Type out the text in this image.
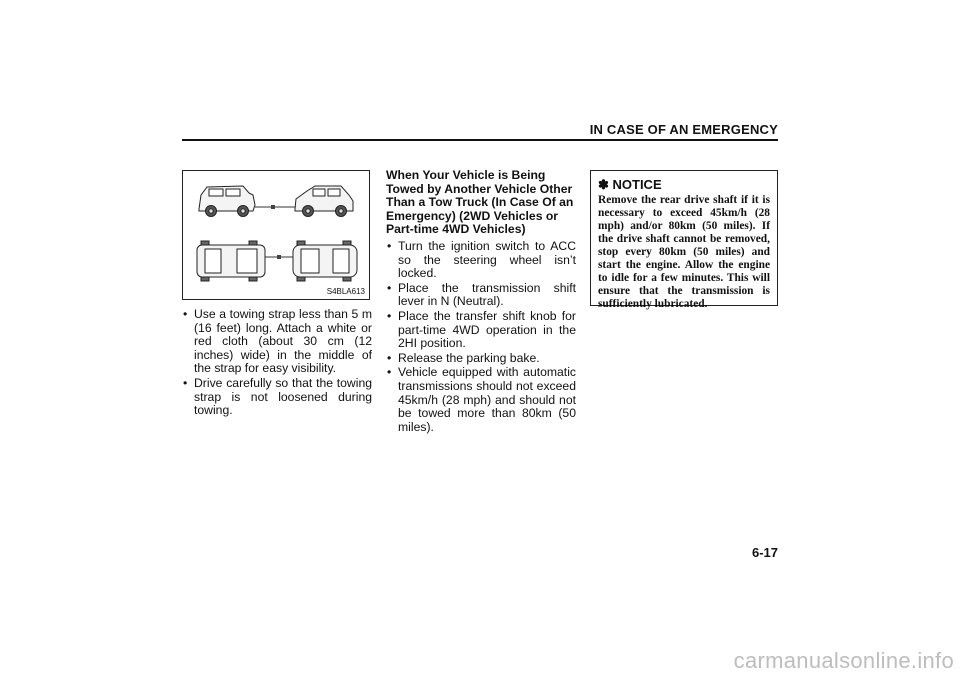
IN CASE OF AN EMERGENCY
S4BLA613
• Use a towing strap less than 5 m (16 feet) long. Attach a white or red cloth (about 30 cm (12 inches) wide) in the middle of the strap for easy visibility.
• Drive carefully so that the towing strap is not loosened during towing.
When Your Vehicle is Being Towed by Another Vehicle Other Than a Tow Truck (In Case Of an Emergency) (2WD Vehicles or Part-time 4WD Vehicles)
• Turn the ignition switch to ACC so the steering wheel isn’t locked.
• Place the transmission shift lever in N (Neutral).
• Place the transfer shift knob for part-time 4WD operation in the 2HI position.
• Release the parking bake.
• Vehicle equipped with automatic transmissions should not exceed 45km/h (28 mph) and should not be towed more than 80km (50 miles).
✽ NOTICE
Remove the rear drive shaft if it is necessary to exceed 45km/h (28 mph) and/or 80km (50 miles). If the drive shaft cannot be removed, stop every 80km (50 miles) and start the engine. Allow the engine to idle for a few minutes. This will ensure that the transmission is sufficiently lubricated.
6-17
carmanualsonline.info
